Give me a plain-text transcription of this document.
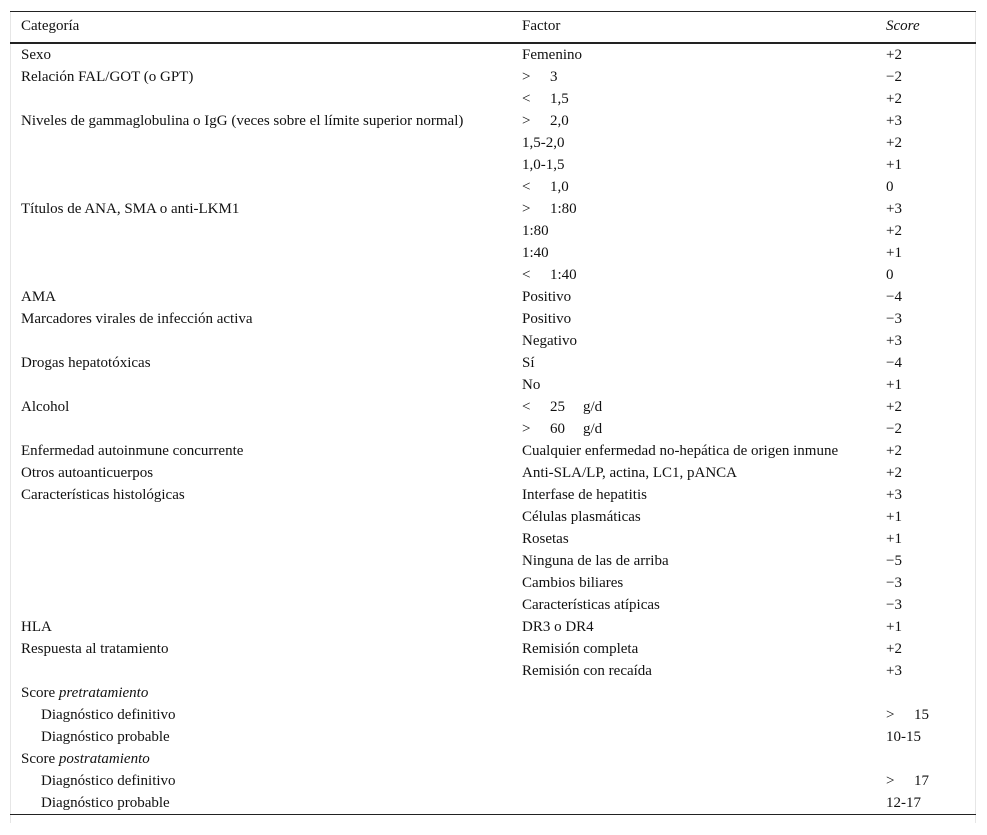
Categoría	Factor	Score
Sexo	Femenino	+2
Relación FAL/GOT (o GPT)	> 3	−2
	< 1,5	+2
Niveles de gammaglobulina o IgG (veces sobre el límite superior normal)	> 2,0	+3
	1,5-2,0	+2
	1,0-1,5	+1
	< 1,0	0
Títulos de ANA, SMA o anti-LKM1	> 1:80	+3
	1:80	+2
	1:40	+1
	< 1:40	0
AMA	Positivo	−4
Marcadores virales de infección activa	Positivo	−3
	Negativo	+3
Drogas hepatotóxicas	Sí	−4
	No	+1
Alcohol	< 25 g/d	+2
	> 60 g/d	−2
Enfermedad autoinmune concurrente	Cualquier enfermedad no-hepática de origen inmune	+2
Otros autoanticuerpos	Anti-SLA/LP, actina, LC1, pANCA	+2
Características histológicas	Interfase de hepatitis	+3
	Células plasmáticas	+1
	Rosetas	+1
	Ninguna de las de arriba	−5
	Cambios biliares	−3
	Características atípicas	−3
HLA	DR3 o DR4	+1
Respuesta al tratamiento	Remisión completa	+2
	Remisión con recaída	+3
Score pretratamiento		
Diagnóstico definitivo		> 15
Diagnóstico probable		10-15
Score postratamiento		
Diagnóstico definitivo		> 17
Diagnóstico probable		12-17
